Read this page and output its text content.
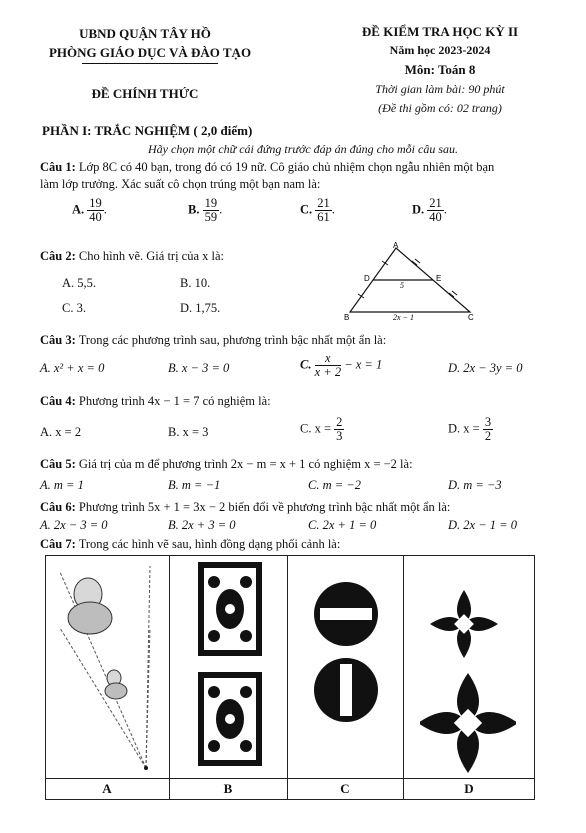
UBND QUẬN TÂY HỒ
PHÒNG GIÁO DỤC VÀ ĐÀO TẠO
ĐỀ CHÍNH THỨC
ĐỀ KIỂM TRA HỌC KỲ II
Năm học 2023-2024
Môn: Toán 8
Thời gian làm bài: 90 phút
(Đề thi gồm có: 02 trang)
PHẦN I: TRẮC NGHIỆM ( 2,0 điểm)
Hãy chọn một chữ cái đứng trước đáp án đúng cho mỗi câu sau.
Câu 1: Lớp 8C có 40 bạn, trong đó có 19 nữ. Cô giáo chủ nhiệm chọn ngẫu nhiên một bạn
làm lớp trưởng. Xác suất cô chọn trúng một bạn nam là:
A. $\frac{19}{40}$ .	B. $\frac{19}{59}$ .	C. $\frac{21}{61}$ .	D. $\frac{21}{40}$ .
Câu 2: Cho hình vẽ. Giá trị của x là:
A. 5,5.	B. 10.
C. 3.	D. 1,75.
A
D	E
B	C
5
2x − 1
Câu 3: Trong các phương trình sau, phương trình bậc nhất một ẩn là:
A. x² + x = 0	B. x − 3 = 0	C. $\frac{x}{x + 2} - x = 1$	D. 2x − 3y = 0
Câu 4: Phương trình 4x − 1 = 7 có nghiệm là:
A. x = 2	B. x = 3	C. $x = \frac{2}{3}$	D. $x = \frac{3}{2}$
Câu 5: Giá trị của m để phương trình 2x − m = x + 1 có nghiệm x = −2 là:
A. m = 1	B. m = −1	C. m = −2	D. m = −3
Câu 6: Phương trình 5x + 1 = 3x − 2 biến đổi về phương trình bậc nhất một ẩn là:
A. 2x − 3 = 0	B. 2x + 3 = 0	C. 2x + 1 = 0	D. 2x − 1 = 0
Câu 7: Trong các hình vẽ sau, hình đồng dạng phối cảnh là:
A	B	C	D
